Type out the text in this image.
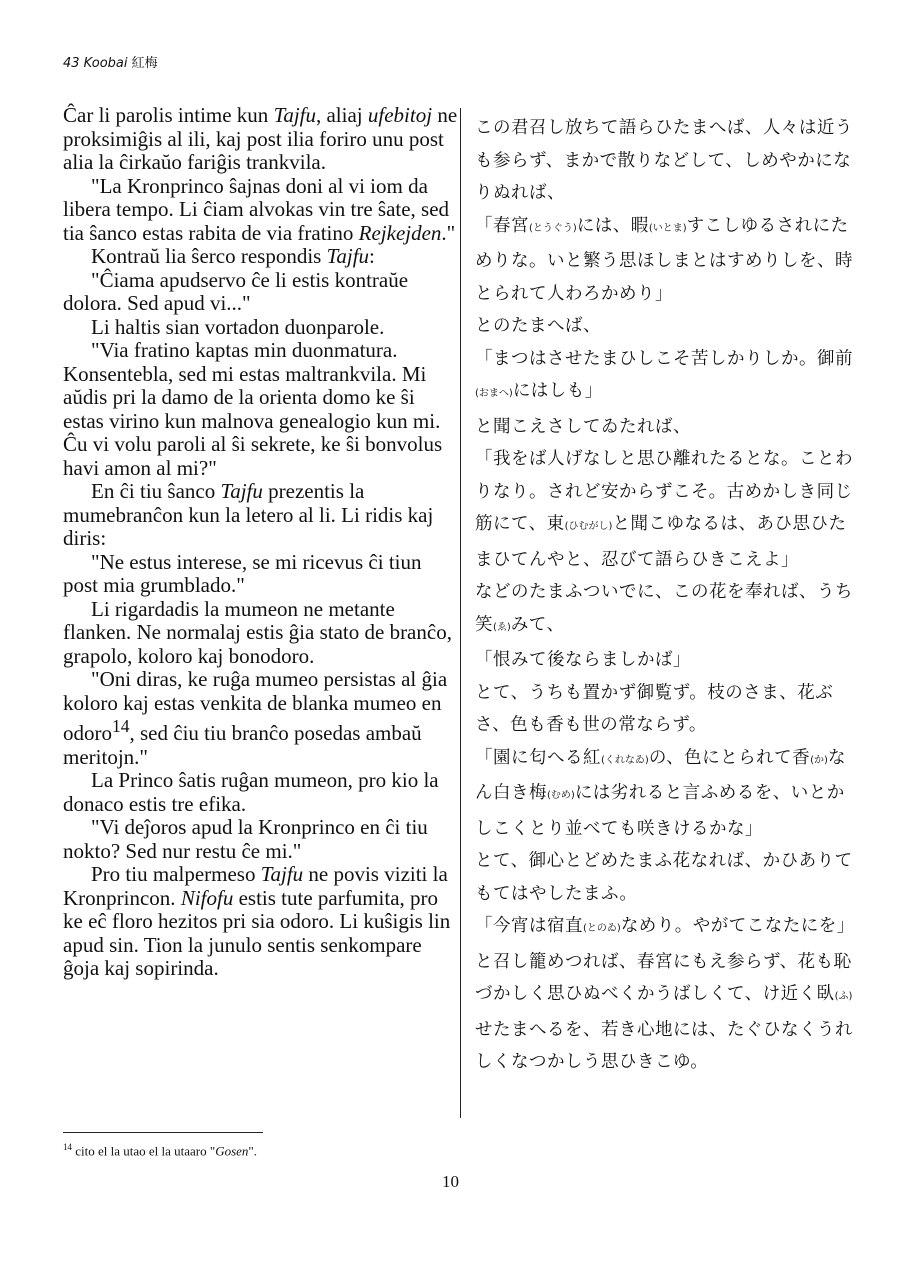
43 Koobai 紅梅

Ĉar li parolis intime kun Tajfu, aliaj ufebitoj ne proksimiĝis al ili, kaj post ilia foriro unu post alia la ĉirkaŭo fariĝis trankvila.

"La Kronprinco ŝajnas doni al vi iom da libera tempo. Li ĉiam alvokas vin tre ŝate, sed tia ŝanco estas rabita de via fratino Rejkejden."

Kontraŭ lia ŝerco respondis Tajfu:

"Ĉiama apudservo ĉe li estis kontraŭe dolora. Sed apud vi..."

Li haltis sian vortadon duonparole.

"Via fratino kaptas min duonmatura. Konsentebla, sed mi estas maltrankvila. Mi aŭdis pri la damo de la orienta domo ke ŝi estas virino kun malnova genealogio kun mi. Ĉu vi volu paroli al ŝi sekrete, ke ŝi bonvolus havi amon al mi?"

En ĉi tiu ŝanco Tajfu prezentis la mumebranĉon kun la letero al li. Li ridis kaj diris:

"Ne estus interese, se mi ricevus ĉi tiun post mia grumblado."

Li rigardadis la mumeon ne metante flanken. Ne normalaj estis ĝia stato de branĉo, grapolo, koloro kaj bonodoro.

"Oni diras, ke ruĝa mumeo persistas al ĝia koloro kaj estas venkita de blanka mumeo en odoro$^{14}$, sed ĉiu tiu branĉo posedas ambaŭ meritojn."

La Princo ŝatis ruĝan mumeon, pro kio la donaco estis tre efika.

"Vi deĵoros apud la Kronprinco en ĉi tiu nokto? Sed nur restu ĉe mi."

Pro tiu malpermeso Tajfu ne povis viziti la Kronprincon. Nifofu estis tute parfumita, pro ke eĉ floro hezitos pri sia odoro. Li kuŝigis lin apud sin. Tion la junulo sentis senkompare ĝoja kaj sopirinda.

この君召し放ちて語らひたまへば、人々は近うも参らず、まかで散りなどして、しめやかになりぬれば、

「春宮(とうぐう)には、暇(いとま)すこしゆるされにためりな。いと繁う思ほしまとはすめりしを、時とられて人わろかめり」

とのたまへば、

「まつはさせたまひしこそ苦しかりしか。御前(おまへ)にはしも」

と聞こえさしてゐたれば、

「我をば人げなしと思ひ離れたるとな。ことわりなり。されど安からずこそ。古めかしき同じ筋にて、東(ひむがし)と聞こゆなるは、あひ思ひたまひてんやと、忍びて語らひきこえよ」

などのたまふついでに、この花を奉れば、うち笑(ゑ)みて、

「恨みて後ならましかば」

とて、うちも置かず御覧ず。枝のさま、花ぶさ、色も香も世の常ならず。

「園に匂へる紅(くれなゐ)の、色にとられて香(か)なん白き梅(むめ)には劣れると言ふめるを、いとかしこくとり並べても咲きけるかな」

とて、御心とどめたまふ花なれば、かひありてもてはやしたまふ。

「今宵は宿直(とのゐ)なめり。やがてこなたにを」と召し籠めつれば、春宮にもえ参らず、花も恥づかしく思ひぬべくかうばしくて、け近く臥(ふ)せたまへるを、若き心地には、たぐひなくうれしくなつかしう思ひきこゆ。

$^{14}$ cito el la utao el la utaaro "Gosen".
10
